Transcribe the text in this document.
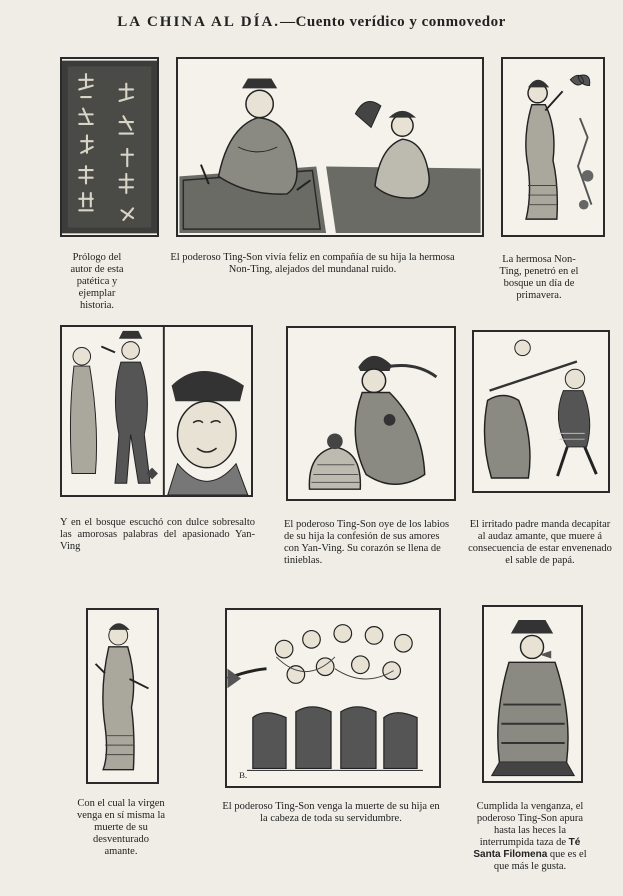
LA CHINA AL DÍA.—Cuento verídico y conmovedor
Prólogo del autor de esta patética y ejemplar historia.
El poderoso Ting-Son vivía feliz en compañía de su hija la hermosa Non-Ting, alejados del mundanal ruido.
La hermosa Non-Ting, penetró en el bosque un día de primavera.
Y en el bosque escuchó con dulce sobresalto las amorosas palabras del apasionado Yan-Ving
El poderoso Ting-Son oye de los labios de su hija la confesión de sus amores con Yan-Ving. Su corazón se llena de tinieblas.
El irritado padre manda decapitar al audaz amante, que muere á consecuencia de estar envenenado el sable de papá.
B.
Con el cual la virgen venga en sí misma la muerte de su desventurado amante.
El poderoso Ting-Son venga la muerte de su hija en la cabeza de toda su servidumbre.
Cumplida la venganza, el poderoso Ting-Son apura hasta las heces la interrumpida taza de Té Santa Filomena que es el que más le gusta.
